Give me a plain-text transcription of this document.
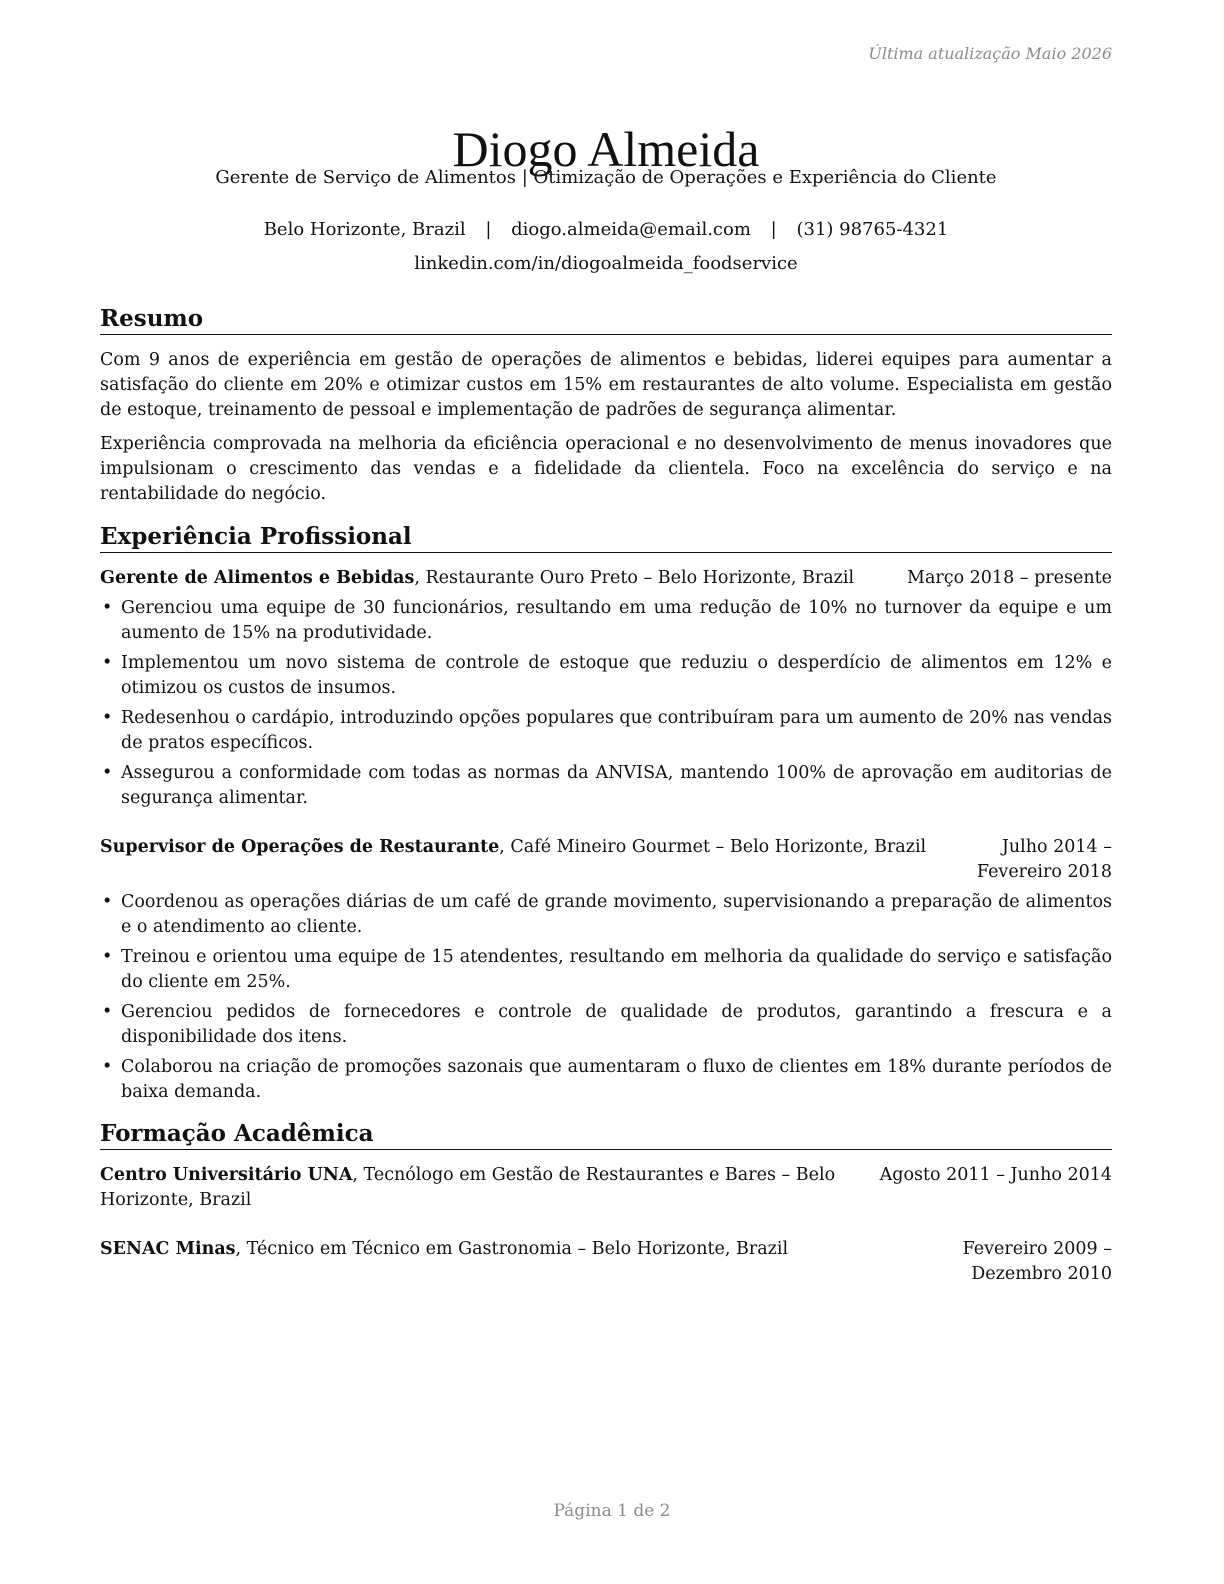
Última atualização Maio 2026
Diogo Almeida
Gerente de Serviço de Alimentos | Otimização de Operações e Experiência do Cliente
Belo Horizonte, Brazil | diogo.almeida@email.com | (31) 98765-4321
linkedin.com/in/diogoalmeida_foodservice
Resumo

Com 9 anos de experiência em gestão de operações de alimentos e bebidas, liderei equipes para aumentar a satisfação do cliente em 20% e otimizar custos em 15% em restaurantes de alto volume. Especialista em gestão de estoque, treinamento de pessoal e implementação de padrões de segurança alimentar.

Experiência comprovada na melhoria da eficiência operacional e no desenvolvimento de menus inovadores que impulsionam o crescimento das vendas e a fidelidade da clientela. Foco na excelência do serviço e na rentabilidade do negócio.

Experiência Profissional
Gerente de Alimentos e Bebidas, Restaurante Ouro Preto – Belo Horizonte, Brazil	Março 2018 – presente
• Gerenciou uma equipe de 30 funcionários, resultando em uma redução de 10% no turnover da equipe e um aumento de 15% na produtividade.
• Implementou um novo sistema de controle de estoque que reduziu o desperdício de alimentos em 12% e otimizou os custos de insumos.
• Redesenhou o cardápio, introduzindo opções populares que contribuíram para um aumento de 20% nas vendas de pratos específicos.
• Assegurou a conformidade com todas as normas da ANVISA, mantendo 100% de aprovação em auditorias de segurança alimentar.
Supervisor de Operações de Restaurante, Café Mineiro Gourmet – Belo Horizonte, Brazil	Julho 2014 – Fevereiro 2018
• Coordenou as operações diárias de um café de grande movimento, supervisionando a preparação de alimentos e o atendimento ao cliente.
• Treinou e orientou uma equipe de 15 atendentes, resultando em melhoria da qualidade do serviço e satisfação do cliente em 25%.
• Gerenciou pedidos de fornecedores e controle de qualidade de produtos, garantindo a frescura e a disponibilidade dos itens.
• Colaborou na criação de promoções sazonais que aumentaram o fluxo de clientes em 18% durante períodos de baixa demanda.
Formação Acadêmica
Centro Universitário UNA, Tecnólogo em Gestão de Restaurantes e Bares – Belo Horizonte, Brazil
Agosto 2011 – Junho 2014
SENAC Minas, Técnico em Técnico em Gastronomia – Belo Horizonte, Brazil	Fevereiro 2009 – Dezembro 2010
Página 1 de 2
